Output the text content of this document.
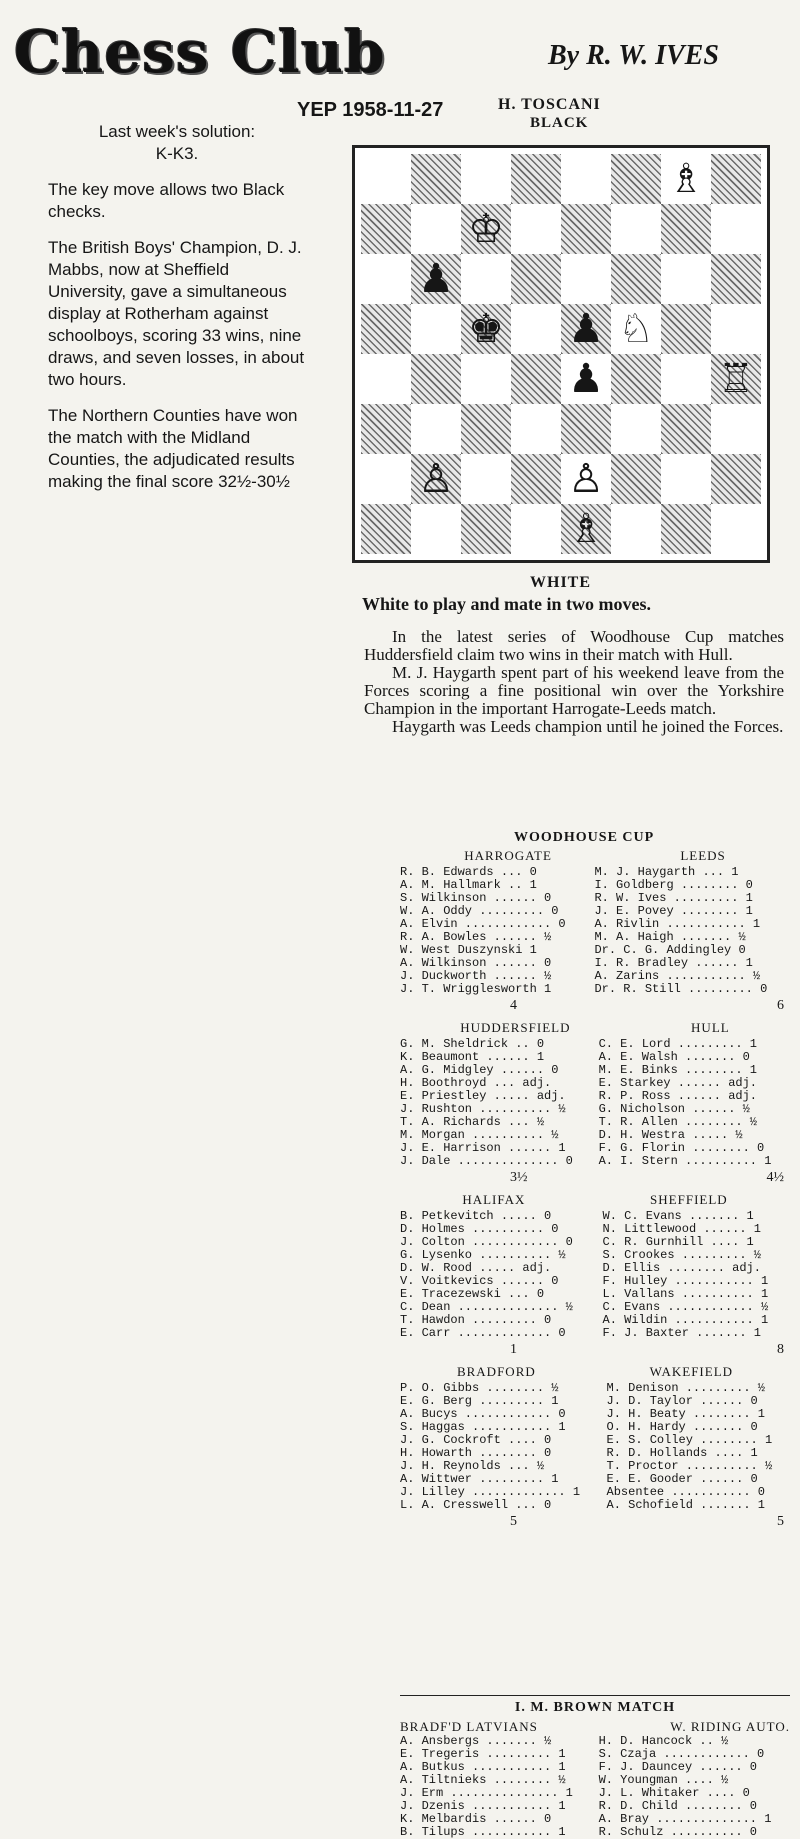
Chess Club	By R. W. IVES
YEP 1958-11-27
Last week's solution:
K-K3.

The key move allows two Black checks.

The British Boys' Champion, D. J. Mabbs, now at Sheffield University, gave a simultaneous display at Rotherham against schoolboys, scoring 33 wins, nine draws, and seven losses, in about two hours.

The Northern Counties have won the match with the Midland Counties, the adjudicated results making the final score 32½-30½

H. TOSCANI
BLACK
♗
♔
♟
♚ ♟ ♘
♟	♖
♙	♙
♗
WHITE
White to play and mate in two moves.

In the latest series of Woodhouse Cup matches Huddersfield claim two wins in their match with Hull.

M. J. Haygarth spent part of his weekend leave from the Forces scoring a fine positional win over the Yorkshire Champion in the important Harrogate-Leeds match.

Haygarth was Leeds champion until he joined the Forces.

WOODHOUSE CUP
HARROGATE	LEEDS
R. B. Edwards ... 0	M. J. Haygarth ... 1
A. M. Hallmark .. 1	I. Goldberg ........ 0
S. Wilkinson ...... 0	R. W. Ives ......... 1
W. A. Oddy ......... 0	J. E. Povey ........ 1
A. Elvin ............ 0	A. Rivlin ........... 1
R. A. Bowles ...... ½	M. A. Haigh ....... ½
W. West Duszynski 1	Dr. C. G. Addingley 0
A. Wilkinson ...... 0	I. R. Bradley ...... 1
J. Duckworth ...... ½	A. Zarins ........... ½
J. T. Wrigglesworth 1	Dr. R. Still ......... 0
4	6
HUDDERSFIELD	HULL
G. M. Sheldrick .. 0	C. E. Lord ......... 1
K. Beaumont ...... 1	A. E. Walsh ....... 0
A. G. Midgley ...... 0	M. E. Binks ........ 1
H. Boothroyd ... adj.	E. Starkey ...... adj.
E. Priestley ..... adj.	R. P. Ross ...... adj.
J. Rushton .......... ½	G. Nicholson ...... ½
T. A. Richards ... ½	T. R. Allen ........ ½
M. Morgan .......... ½	D. H. Westra ..... ½
J. E. Harrison ...... 1	F. G. Florin ........ 0
J. Dale .............. 0	A. I. Stern .......... 1
3½	4½
HALIFAX	SHEFFIELD
B. Petkevitch ..... 0	W. C. Evans ....... 1
D. Holmes .......... 0	N. Littlewood ...... 1
J. Colton ............ 0	C. R. Gurnhill .... 1
G. Lysenko .......... ½	S. Crookes ......... ½
D. W. Rood ..... adj.	D. Ellis ........ adj.
V. Voitkevics ...... 0	F. Hulley ........... 1
E. Tracezewski ... 0	L. Vallans .......... 1
C. Dean .............. ½	C. Evans ............ ½
T. Hawdon ......... 0	A. Wildin ........... 1
E. Carr ............. 0	F. J. Baxter ....... 1
1	8
BRADFORD	WAKEFIELD
P. O. Gibbs ........ ½	M. Denison ......... ½
E. G. Berg ......... 1	J. D. Taylor ...... 0
A. Bucys ............ 0	J. H. Beaty ........ 1
S. Haggas ........... 1	O. H. Hardy ....... 0
J. G. Cockroft .... 0	E. S. Colley ........ 1
H. Howarth ........ 0	R. D. Hollands .... 1
J. H. Reynolds ... ½	T. Proctor .......... ½
A. Wittwer ......... 1	E. E. Gooder ...... 0
J. Lilley ............. 1	Absentee ........... 0
L. A. Cresswell ... 0	A. Schofield ....... 1
5	5
I. M. BROWN MATCH
BRADF'D LATVIANS	W. RIDING AUTO.
A. Ansbergs ....... ½	H. D. Hancock .. ½
E. Tregeris ......... 1	S. Czaja ............ 0
A. Butkus ........... 1	F. J. Dauncey ...... 0
A. Tiltnieks ........ ½	W. Youngman .... ½
J. Erm ............... 1	J. L. Whitaker .... 0
J. Dzenis ........... 1	R. D. Child ........ 0
K. Melbardis ...... 0	A. Bray .............. 1
B. Tilups ........... 1	R. Schulz .......... 0
